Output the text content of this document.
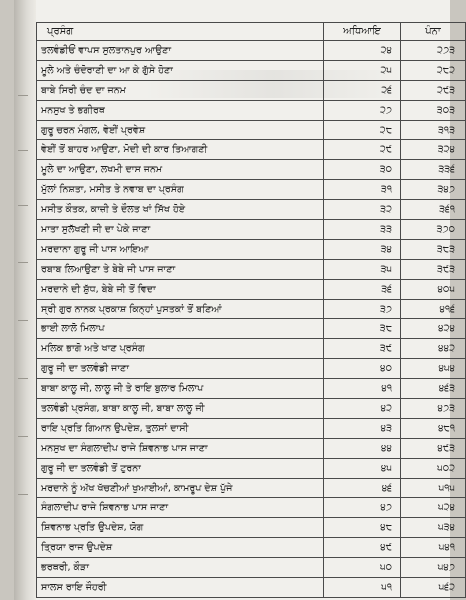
ਪ੍ਰਸੰਗ	ਅਧਿਆਇ	ਪੰਨਾ
ਤਲਵੰਡੀਓਂ ਵਾਪਸ ਸੁਲਤਾਨਪੁਰ ਆਉਣਾ	੨੪	੨੭੩
ਮੂਲੇ ਅਤੇ ਚੰਦੋਰਾਣੀ ਦਾ ਆ ਕੇ ਗੁੱਸੇ ਹੋਣਾ	੨੫	੨੮੨
ਬਾਬੇ ਸਿਰੀ ਚੰਦ ਦਾ ਜਨਮ	੨੬	੨੯੩
ਮਨਸੁਖ ਤੇ ਭਗੀਰਥ	੨੭	੩੦੩
ਗੁਰੂ ਚਰਨ ਮੰਗਲ, ਵੇਈਂ ਪ੍ਰਵੇਸ਼	੨੮	੩੧੩
ਵੇਈਂ ਤੋਂ ਬਾਹਰ ਆਉਣਾ, ਮੋਦੀ ਦੀ ਕਾਰ ਤਿਆਗਣੀ	੨੯	੩੨੪
ਮੂਲੇ ਦਾ ਆਉਣਾ, ਲਖਮੀ ਦਾਸ ਜਨਮ	੩੦	੩੩੬
ਮੁੱਲਾਂ ਨਿਸ਼ਤਾ, ਮਸੀਤ ਤੇ ਨਵਾਬ ਦਾ ਪ੍ਰਸੰਗ	੩੧	੩੪੭
ਮਸੀਤ ਕੌਤਕ, ਕਾਜ਼ੀ ਤੇ ਦੌਲਤ ਖਾਂ ਸਿੱਖ ਹੋਏ	੩੨	੩੬੧
ਮਾਤਾ ਸੁਲੱਖਣੀ ਜੀ ਦਾ ਪੇਕੇ ਜਾਣਾ	੩੩	੩੭੦
ਮਰਦਾਨਾ ਗੁਰੂ ਜੀ ਪਾਸ ਆਇਆ	੩੪	੩੮੩
ਰਬਾਬ ਲਿਆਉਣਾ ਤੇ ਬੇਬੇ ਜੀ ਪਾਸ ਜਾਣਾ	੩੫	੩੯੩
ਮਰਦਾਨੇ ਦੀ ਸ਼ੁੱਧ, ਬੇਬੇ ਜੀ ਤੋਂ ਵਿਦਾ	੩੬	੪੦੫
ਸ੍ਰੀ ਗੁਰ ਨਾਨਕ ਪ੍ਰਕਾਸ਼ ਕਿਨ੍ਹਾਂ ਪੁਸਤਕਾਂ ਤੋਂ ਬਣਿਆਂ	੩੭	੪੧੬
ਭਾਈ ਲਾਲੋ ਮਿਲਾਪ	੩੮	੪੨੪
ਮਲਿਕ ਭਾਗੋ ਅਤੇ ਖਾਣ ਪ੍ਰਸੰਗ	੩੯	੪੪੨
ਗੁਰੂ ਜੀ ਦਾ ਤਲਵੰਡੀ ਜਾਣਾ	੪੦	੪੫੪
ਬਾਬਾ ਕਾਲੂ ਜੀ, ਲਾਲੂ ਜੀ ਤੇ ਰਾਇ ਬੁਲਾਰ ਮਿਲਾਪ	੪੧	੪੬੩
ਤਲਵੰਡੀ ਪ੍ਰਸੰਗ, ਬਾਬਾ ਕਾਲੂ ਜੀ, ਬਾਬਾ ਲਾਲੂ ਜੀ	੪੨	੪੭੩
ਰਾਇ ਪ੍ਰਤਿ ਗਿਆਨ ਉਪਦੇਸ਼, ਤੁਲਸਾਂ ਦਾਸੀ	੪੩	੪੮੧
ਮਨਸੁਖ ਦਾ ਸੰਗਲਾਦੀਪ ਰਾਜੇ ਸ਼ਿਵਨਾਭ ਪਾਸ ਜਾਣਾ	੪੪	੪੯੩
ਗੁਰੂ ਜੀ ਦਾ ਤਲਵੰਡੀ ਤੋਂ ਟੁਰਨਾ	੪੫	੫੦੨
ਮਰਦਾਨੇ ਨੂੰ ਅੱਖ ਖੱਚਣੀਆਂ ਖੁਆਈਆਂ, ਕਾਮਰੂਪ ਦੇਸ਼ ਪੁੱਜੇ	੪੬	੫੧੫
ਸੰਗਲਾਦੀਪ ਰਾਜੇ ਸ਼ਿਵਨਾਭ ਪਾਸ ਜਾਣਾ	੪੭	੫੨੪
ਸ਼ਿਵਨਾਭ ਪ੍ਰਤਿ ਉਪਦੇਸ਼, ਯੋਗ	੪੮	੫੩੪
ਤ੍ਰਿਯਾ ਰਾਜ ਉਪਦੇਸ਼	੪੯	੫੪੧
ਭਰਥਰੀ, ਕੌੜਾ	੫੦	੫੪੭
ਸਾਲਸ ਰਾਇ ਜੌਹਰੀ	੫੧	੫੬੨
